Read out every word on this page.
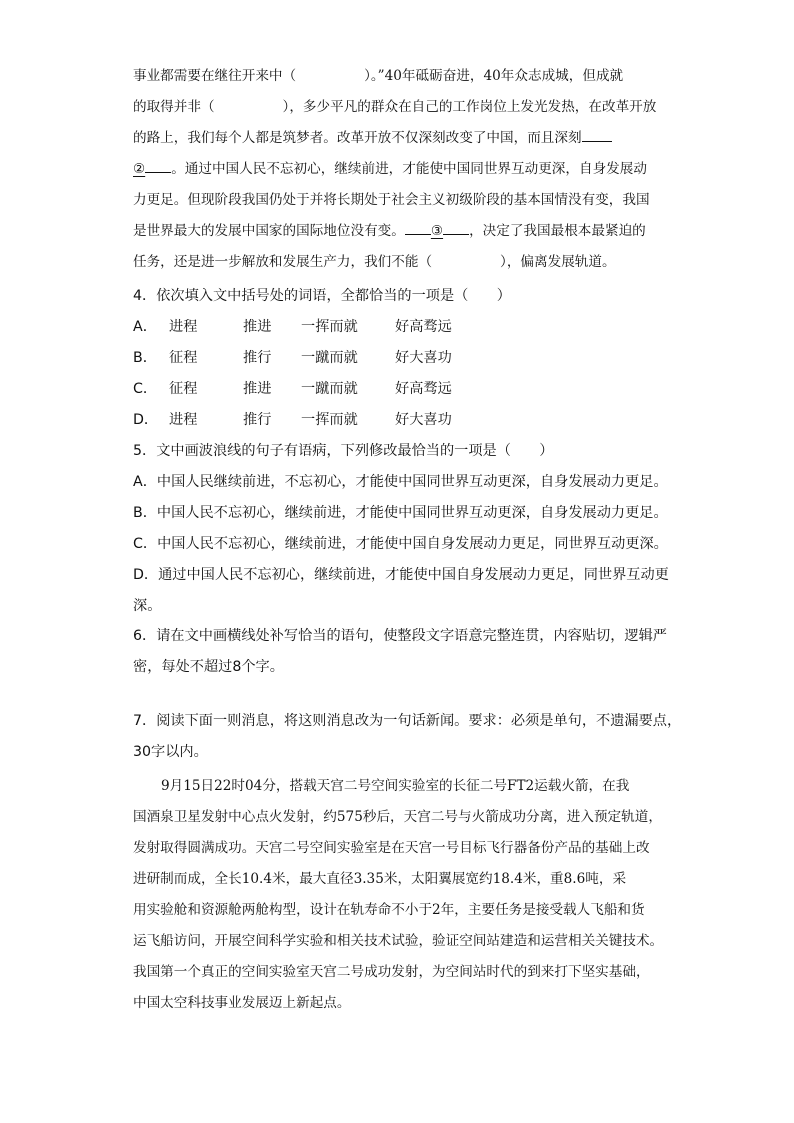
事业都需要在继往开来中（　　　　　）。”40年砥砺奋进，40年众志成城，但成就
的取得并非（　　　　　），多少平凡的群众在自己的工作岗位上发光发热，在改革开放
的路上，我们每个人都是筑梦者。改革开放不仅深刻改变了中国，而且深刻
② 。通过中国人民不忘初心，继续前进，才能使中国同世界互动更深，自身发展动
力更足。但现阶段我国仍处于并将长期处于社会主义初级阶段的基本国情没有变，我国
是世界最大的发展中国家的国际地位没有变。 ③ ，决定了我国最根本最紧迫的
任务，还是进一步解放和发展生产力，我们不能（　　　　　），偏离发展轨道。
4．依次填入文中括号处的词语，全都恰当的一项是（　　）
A． 进程	推进	一挥而就	好高骛远
B． 征程	推行	一蹴而就	好大喜功
C． 征程	推进	一蹴而就	好高骛远
D． 进程	推行	一挥而就	好大喜功
5．文中画波浪线的句子有语病，下列修改最恰当的一项是（　　）
A．中国人民继续前进，不忘初心，才能使中国同世界互动更深，自身发展动力更足。
B．中国人民不忘初心，继续前进，才能使中国同世界互动更深，自身发展动力更足。
C．中国人民不忘初心，继续前进，才能使中国自身发展动力更足，同世界互动更深。
D．通过中国人民不忘初心，继续前进，才能使中国自身发展动力更足，同世界互动更
深。
6．请在文中画横线处补写恰当的语句，使整段文字语意完整连贯，内容贴切，逻辑严
密，每处不超过8个字。
7．阅读下面一则消息，将这则消息改为一句话新闻。要求：必须是单句，不遗漏要点，
30字以内。
9月15日22时04分，搭载天宫二号空间实验室的长征二号FT2运载火箭，在我
国酒泉卫星发射中心点火发射，约575秒后，天宫二号与火箭成功分离，进入预定轨道，
发射取得圆满成功。天宫二号空间实验室是在天宫一号目标飞行器备份产品的基础上改
进研制而成，全长10.4米，最大直径3.35米，太阳翼展宽约18.4米，重8.6吨，采
用实验舱和资源舱两舱构型，设计在轨寿命不小于2年，主要任务是接受载人飞船和货
运飞船访问，开展空间科学实验和相关技术试验，验证空间站建造和运营相关关键技术。
我国第一个真正的空间实验室天宫二号成功发射，为空间站时代的到来打下坚实基础，
中国太空科技事业发展迈上新起点。
